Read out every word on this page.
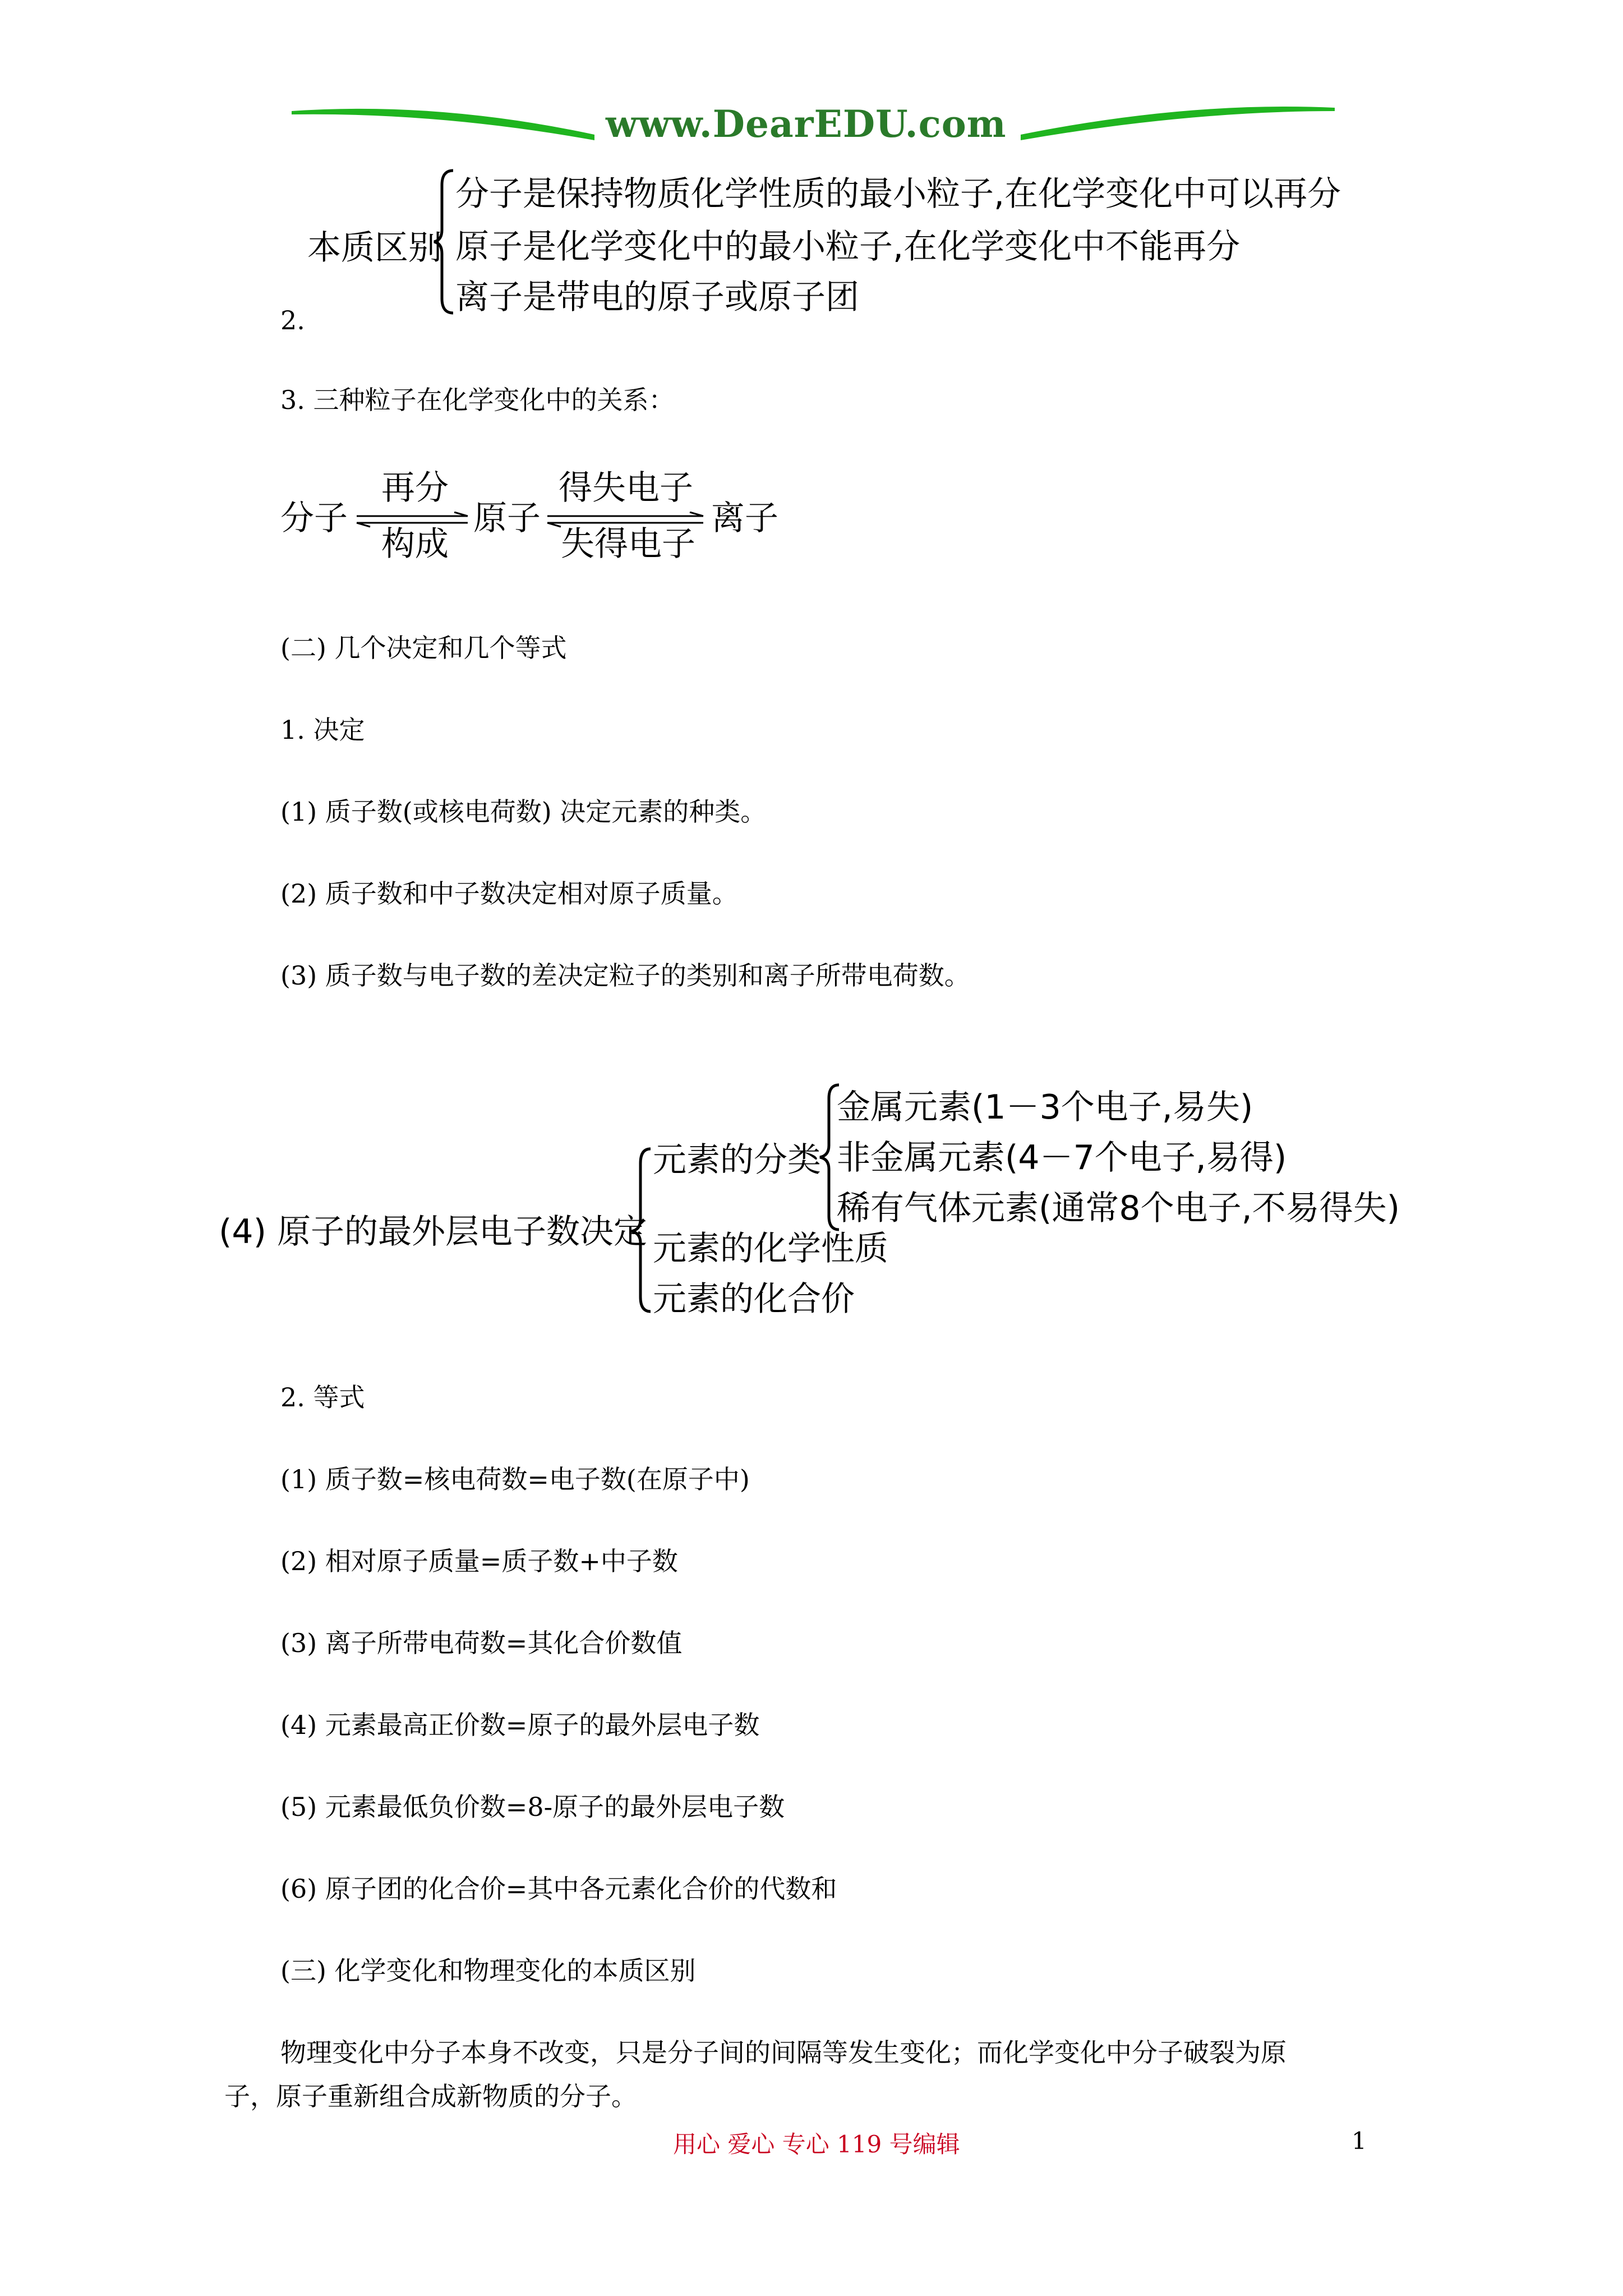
www.DearEDU.com
本质区别
分子是保持物质化学性质的最小粒子,在化学变化中可以再分
原子是化学变化中的最小粒子,在化学变化中不能再分
离子是带电的原子或原子团
2.
3. 三种粒子在化学变化中的关系：
分子
再分
构成
原子
得失电子
失得电子
离子
(二) 几个决定和几个等式
1. 决定
(1) 质子数(或核电荷数) 决定元素的种类。
(2) 质子数和中子数决定相对原子质量。
(3) 质子数与电子数的差决定粒子的类别和离子所带电荷数。
(4) 原子的最外层电子数决定
元素的分类
金属元素(1－3个电子,易失)
非金属元素(4－7个电子,易得)
稀有气体元素(通常8个电子,不易得失)
元素的化学性质
元素的化合价
2. 等式
(1) 质子数=核电荷数=电子数(在原子中)
(2) 相对原子质量=质子数+中子数
(3) 离子所带电荷数=其化合价数值
(4) 元素最高正价数=原子的最外层电子数
(5) 元素最低负价数=8-原子的最外层电子数
(6) 原子团的化合价=其中各元素化合价的代数和
(三) 化学变化和物理变化的本质区别
物理变化中分子本身不改变，只是分子间的间隔等发生变化；而化学变化中分子破裂为原
子，原子重新组合成新物质的分子。
用心 爱心 专心 119 号编辑	1
